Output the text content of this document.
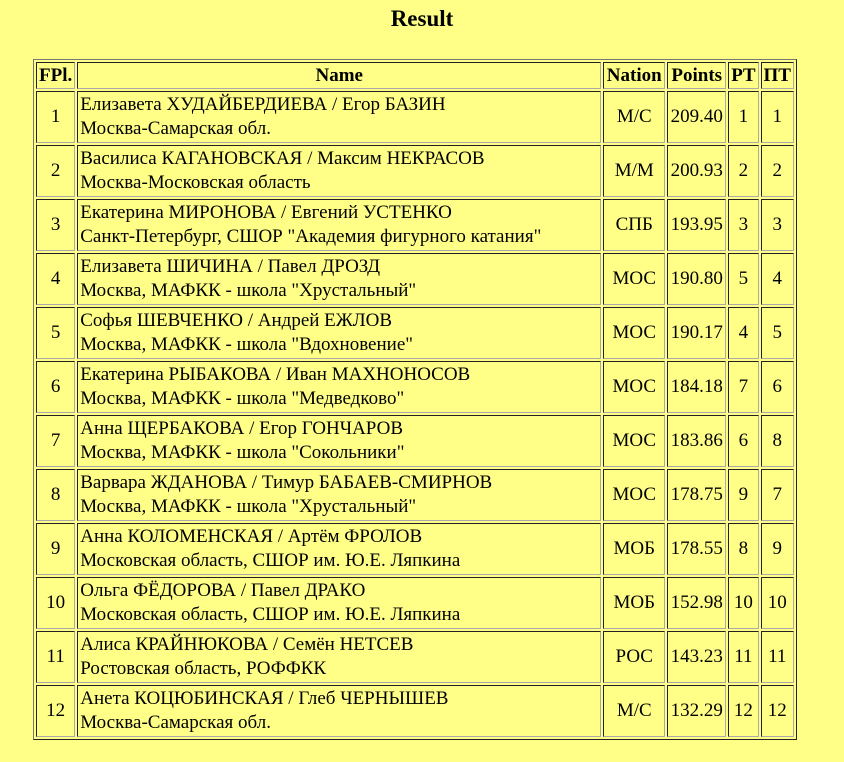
Result
FPl.	Name	Nation	Points	PT	ПТ
1	Елизавета ХУДАЙБЕРДИЕВА / Егор БАЗИН
Москва-Самарская обл.	М/С	209.40	1	1
2	Василиса КАГАНОВСКАЯ / Максим НЕКРАСОВ
Москва-Московская область	М/М	200.93	2	2
3	Екатерина МИРОНОВА / Евгений УСТЕНКО
Санкт-Петербург, СШОР "Академия фигурного катания"	СПБ	193.95	3	3
4	Елизавета ШИЧИНА / Павел ДРОЗД
Москва, МАФКК - школа "Хрустальный"	МОС	190.80	5	4
5	Софья ШЕВЧЕНКО / Андрей ЕЖЛОВ
Москва, МАФКК - школа "Вдохновение"	МОС	190.17	4	5
6	Екатерина РЫБАКОВА / Иван МАХНОНОСОВ
Москва, МАФКК - школа "Медведково"	МОС	184.18	7	6
7	Анна ЩЕРБАКОВА / Егор ГОНЧАРОВ
Москва, МАФКК - школа "Сокольники"	МОС	183.86	6	8
8	Варвара ЖДАНОВА / Тимур БАБАЕВ-СМИРНОВ
Москва, МАФКК - школа "Хрустальный"	МОС	178.75	9	7
9	Анна КОЛОМЕНСКАЯ / Артём ФРОЛОВ
Московская область, СШОР им. Ю.Е. Ляпкина	МОБ	178.55	8	9
10	Ольга ФЁДОРОВА / Павел ДРАКО
Московская область, СШОР им. Ю.Е. Ляпкина	МОБ	152.98	10	10
11	Алиса КРАЙНЮКОВА / Семён НЕТСЕВ
Ростовская область, РОФФКК	РОС	143.23	11	11
12	Анета КОЦЮБИНСКАЯ / Глеб ЧЕРНЫШЕВ
Москва-Самарская обл.	М/С	132.29	12	12
